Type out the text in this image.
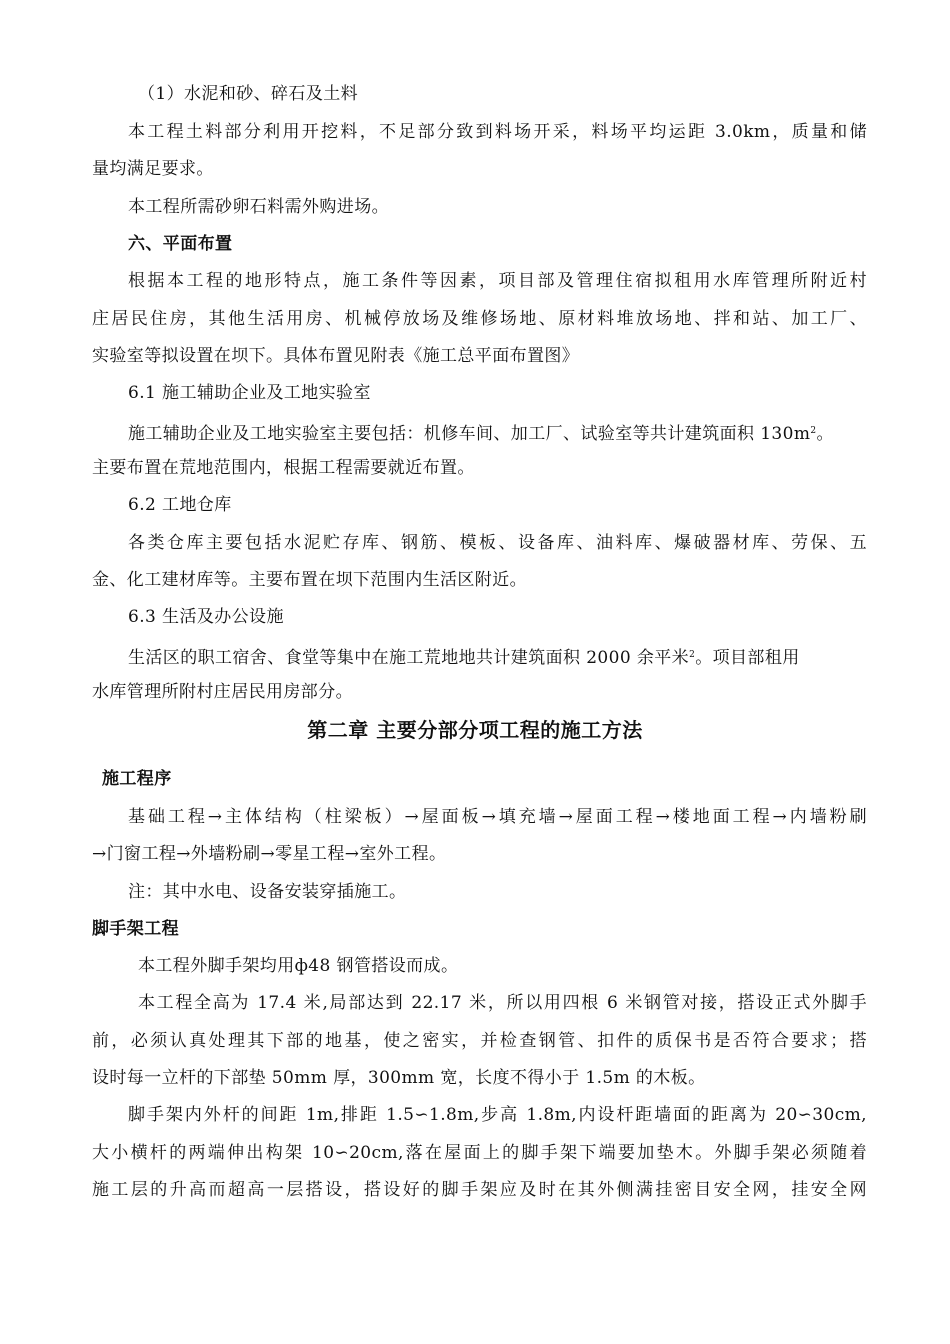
（1）水泥和砂、碎石及土料
本工程土料部分利用开挖料，不足部分致到料场开采，料场平均运距 3.0km，质量和储
量均满足要求。
本工程所需砂卵石料需外购进场。
六、平面布置
根据本工程的地形特点，施工条件等因素，项目部及管理住宿拟租用水库管理所附近村
庄居民住房，其他生活用房、机械停放场及维修场地、原材料堆放场地、拌和站、加工厂、
实验室等拟设置在坝下。具体布置见附表《施工总平面布置图》
6.1 施工辅助企业及工地实验室
施工辅助企业及工地实验室主要包括：机修车间、加工厂、试验室等共计建筑面积 $130m^2$。
主要布置在荒地范围内，根据工程需要就近布置。
6.2 工地仓库
各类仓库主要包括水泥贮存库、钢筋、模板、设备库、油料库、爆破器材库、劳保、五
金、化工建材库等。主要布置在坝下范围内生活区附近。
6.3 生活及办公设施
生活区的职工宿舍、食堂等集中在施工荒地地共计建筑面积 2000 余平米$^2$。项目部租用
水库管理所附村庄居民用房部分。
第二章 主要分部分项工程的施工方法
施工程序
基础工程→主体结构（柱梁板）→屋面板→填充墙→屋面工程→楼地面工程→内墙粉刷
→门窗工程→外墙粉刷→零星工程→室外工程。
注：其中水电、设备安装穿插施工。
脚手架工程
本工程外脚手架均用ф48 钢管搭设而成。
本工程全高为 17.4 米,局部达到 22.17 米，所以用四根 6 米钢管对接，搭设正式外脚手
前，必须认真处理其下部的地基，使之密实，并检查钢管、扣件的质保书是否符合要求；搭
设时每一立杆的下部垫 50mm 厚，300mm 宽，长度不得小于 1.5m 的木板。
脚手架内外杆的间距 1m,排距 1.5∽1.8m,步高 1.8m,内设杆距墙面的距离为 20∽30cm,
大小横杆的两端伸出构架 10∽20cm,落在屋面上的脚手架下端要加垫木。外脚手架必须随着
施工层的升高而超高一层搭设，搭设好的脚手架应及时在其外侧满挂密目安全网，挂安全网
